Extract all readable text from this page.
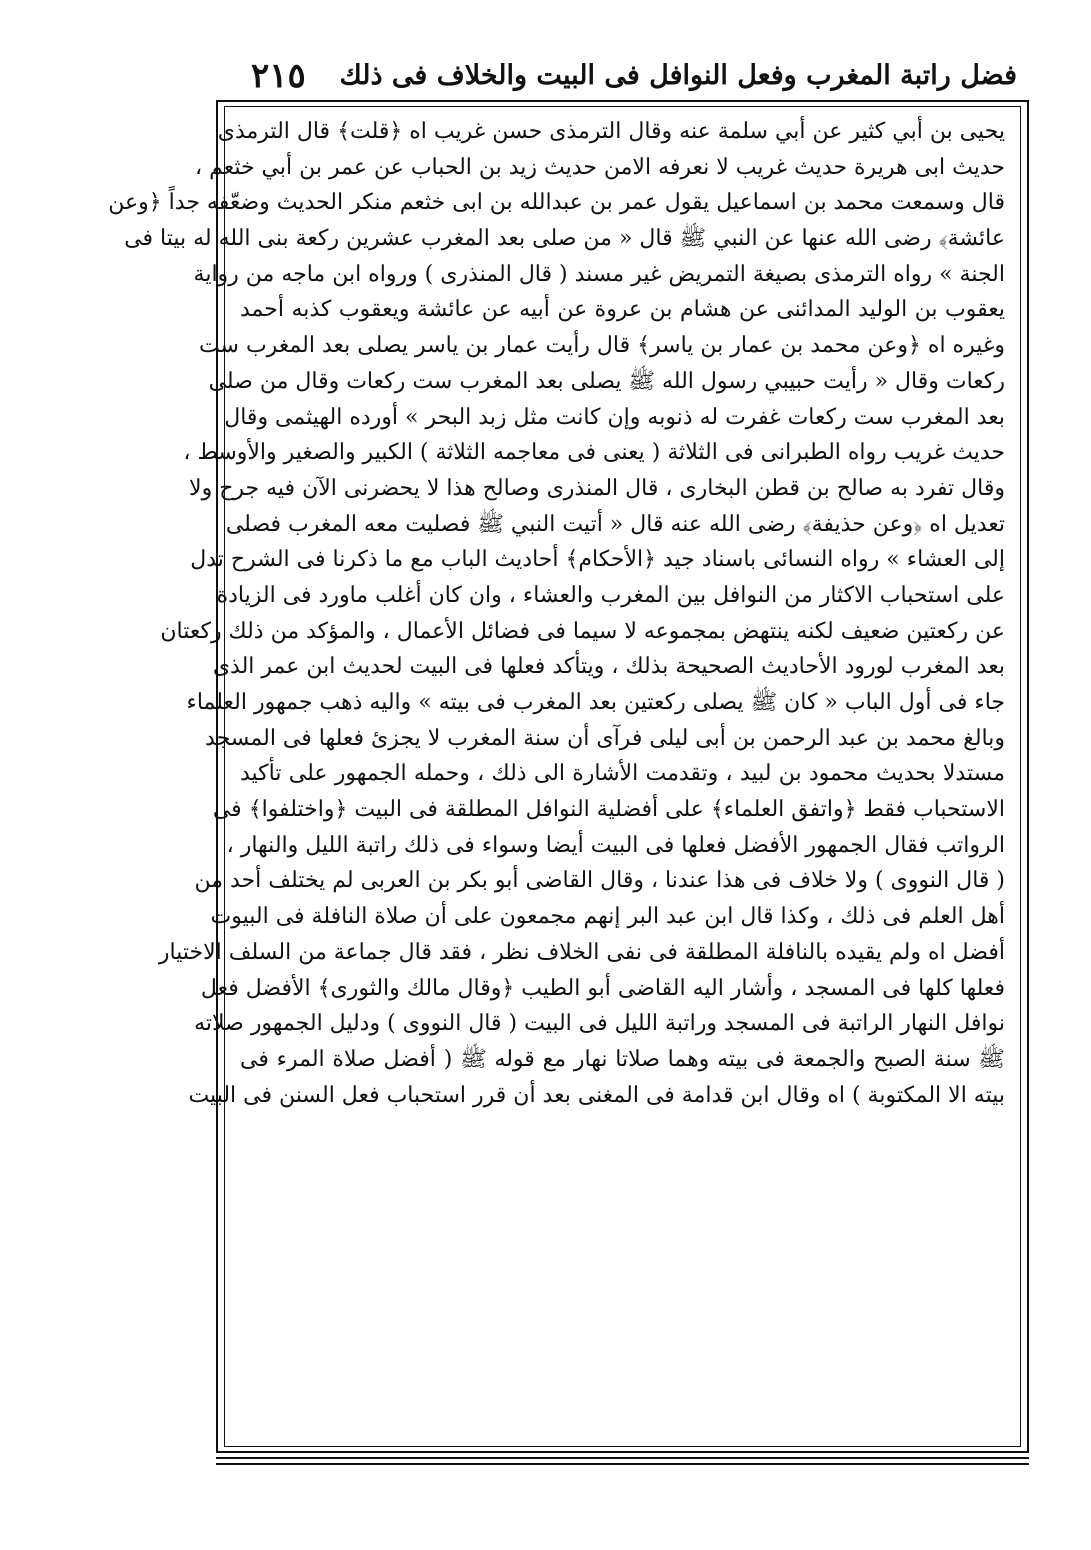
٢١٥ فضل راتبة المغرب وفعل النوافل فى البيت والخلاف فى ذلك
يحيى بن أبي كثير عن أبي سلمة عنه وقال الترمذى حسن غريب اه ﴿قلت﴾ قال الترمذى
حديث ابى هريرة حديث غريب لا نعرفه الامن حديث زيد بن الحباب عن عمر بن أبي خثعم ،
قال وسمعت محمد بن اسماعيل يقول عمر بن عبدالله بن ابى خثعم منكر الحديث وضعّفه جداً ﴿وعن
عائشة﴾ رضى الله عنها عن النبي ﷺ قال « من صلى بعد المغرب عشرين ركعة بنى الله له بيتا فى
الجنة » رواه الترمذى بصيغة التمريض غير مسند ( قال المنذرى ) ورواه ابن ماجه من رواية
يعقوب بن الوليد المدائنى عن هشام بن عروة عن أبيه عن عائشة ويعقوب كذبه أحمد
وغيره اه ﴿وعن محمد بن عمار بن ياسر﴾ قال رأيت عمار بن ياسر يصلى بعد المغرب ست
ركعات وقال « رأيت حبيبي رسول الله ﷺ يصلى بعد المغرب ست ركعات وقال من صلى
بعد المغرب ست ركعات غفرت له ذنوبه وإن كانت مثل زبد البحر » أورده الهيثمى وقال
حديث غريب رواه الطبرانى فى الثلاثة ( يعنى فى معاجمه الثلاثة ) الكبير والصغير والأوسط ،
وقال تفرد به صالح بن قطن البخارى ، قال المنذرى وصالح هذا لا يحضرنى الآن فيه جرح ولا
تعديل اه ﴿وعن حذيفة﴾ رضى الله عنه قال « أتيت النبي ﷺ فصليت معه المغرب فصلى
إلى العشاء » رواه النسائى باسناد جيد ﴿الأحكام﴾ أحاديث الباب مع ما ذكرنا فى الشرح تدل
على استحباب الاكثار من النوافل بين المغرب والعشاء ، وان كان أغلب ماورد فى الزيادة
عن ركعتين ضعيف لكنه ينتهض بمجموعه لا سيما فى فضائل الأعمال ، والمؤكد من ذلك ركعتان
بعد المغرب لورود الأحاديث الصحيحة بذلك ، ويتأكد فعلها فى البيت لحديث ابن عمر الذى
جاء فى أول الباب « كان ﷺ يصلى ركعتين بعد المغرب فى بيته » واليه ذهب جمهور العلماء
وبالغ محمد بن عبد الرحمن بن أبى ليلى فرآى أن سنة المغرب لا يجزئ فعلها فى المسجد
مستدلا بحديث محمود بن لبيد ، وتقدمت الأشارة الى ذلك ، وحمله الجمهور على تأكيد
الاستحباب فقط ﴿واتفق العلماء﴾ على أفضلية النوافل المطلقة فى البيت ﴿واختلفوا﴾ فى
الرواتب فقال الجمهور الأفضل فعلها فى البيت أيضا وسواء فى ذلك راتبة الليل والنهار ،
( قال النووى ) ولا خلاف فى هذا عندنا ، وقال القاضى أبو بكر بن العربى لم يختلف أحد من
أهل العلم فى ذلك ، وكذا قال ابن عبد البر إنهم مجمعون على أن صلاة النافلة فى البيوت
أفضل اه ولم يقيده بالنافلة المطلقة فى نفى الخلاف نظر ، فقد قال جماعة من السلف الاختيار
فعلها كلها فى المسجد ، وأشار اليه القاضى أبو الطيب ﴿وقال مالك والثورى﴾ الأفضل فعل
نوافل النهار الراتبة فى المسجد وراتبة الليل فى البيت ( قال النووى ) ودليل الجمهور صلاته
ﷺ سنة الصبح والجمعة فى بيته وهما صلاتا نهار مع قوله ﷺ ( أفضل صلاة المرء فى
بيته الا المكتوبة ) اه وقال ابن قدامة فى المغنى بعد أن قرر استحباب فعل السنن فى البيت
